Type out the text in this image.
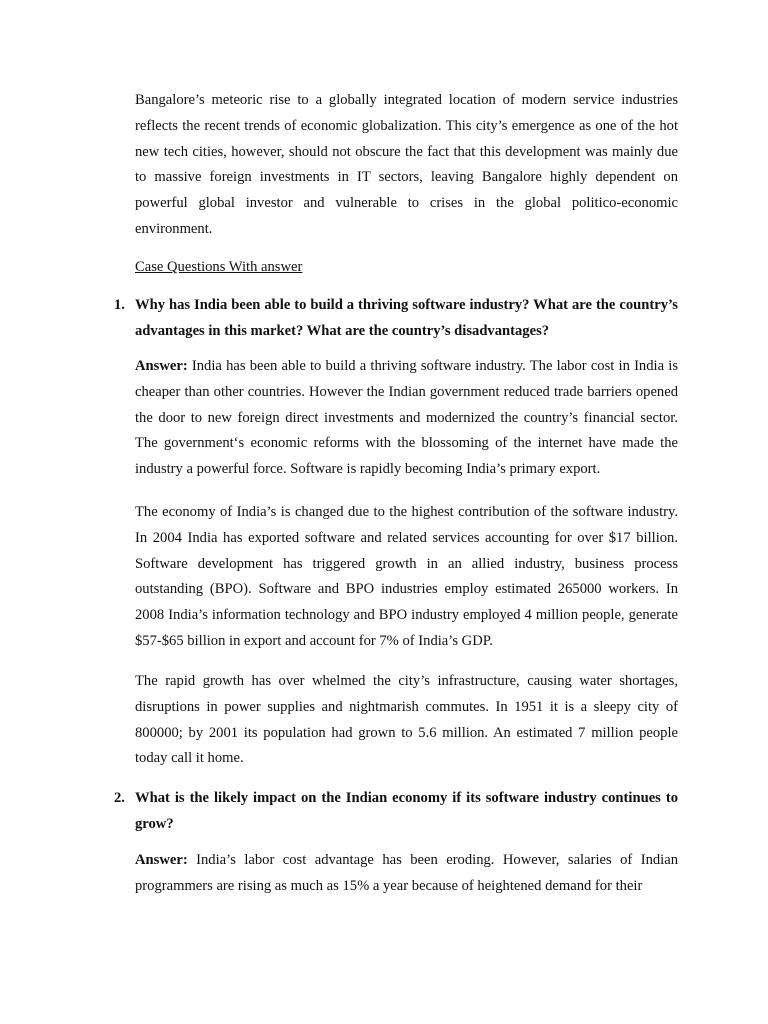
Bangalore’s meteoric rise to a globally integrated location of modern service industries reflects the recent trends of economic globalization. This city’s emergence as one of the hot new tech cities, however, should not obscure the fact that this development was mainly due to massive foreign investments in IT sectors, leaving Bangalore highly dependent on powerful global investor and vulnerable to crises in the global politico-economic environment.

Case Questions With answer

1. Why has India been able to build a thriving software industry? What are the country’s advantages in this market? What are the country’s disadvantages?

Answer: India has been able to build a thriving software industry. The labor cost in India is cheaper than other countries. However the Indian government reduced trade barriers opened the door to new foreign direct investments and modernized the country’s financial sector. The government‘s economic reforms with the blossoming of the internet have made the industry a powerful force. Software is rapidly becoming India’s primary export.

The economy of India’s is changed due to the highest contribution of the software industry. In 2004 India has exported software and related services accounting for over $17 billion. Software development has triggered growth in an allied industry, business process outstanding (BPO). Software and BPO industries employ estimated 265000 workers. In 2008 India’s information technology and BPO industry employed 4 million people, generate $57-$65 billion in export and account for 7% of India’s GDP.

The rapid growth has over whelmed the city’s infrastructure, causing water shortages, disruptions in power supplies and nightmarish commutes. In 1951 it is a sleepy city of 800000; by 2001 its population had grown to 5.6 million. An estimated 7 million people today call it home.

2. What is the likely impact on the Indian economy if its software industry continues to grow?

Answer: India’s labor cost advantage has been eroding. However, salaries of Indian programmers are rising as much as 15% a year because of heightened demand for their
